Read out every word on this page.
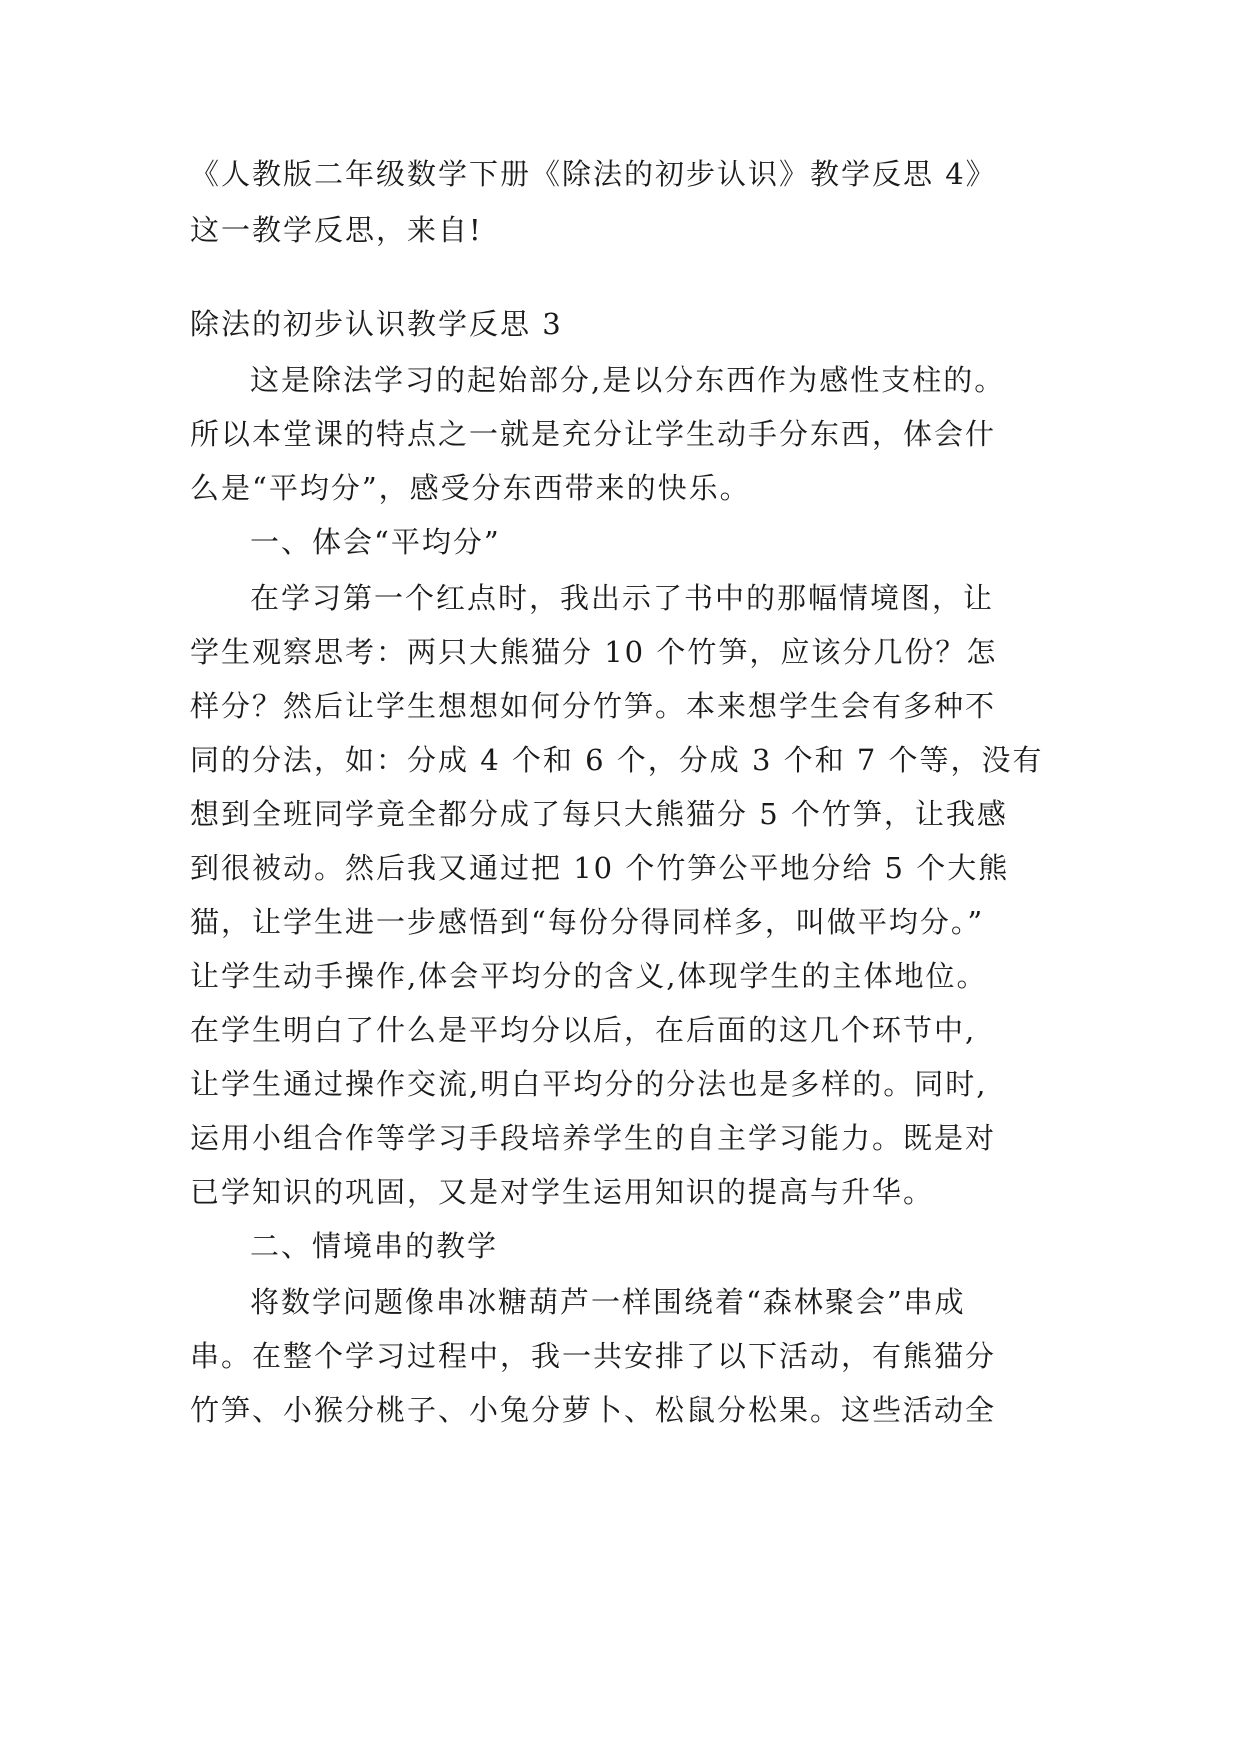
《人教版二年级数学下册《除法的初步认识》教学反思 4》

这一教学反思，来自!

除法的初步认识教学反思 3

这是除法学习的起始部分,是以分东西作为感性支柱的。

所以本堂课的特点之一就是充分让学生动手分东西，体会什

么是“平均分”，感受分东西带来的快乐。

一、体会“平均分”

在学习第一个红点时，我出示了书中的那幅情境图，让

学生观察思考：两只大熊猫分 10 个竹笋，应该分几份？怎

样分？然后让学生想想如何分竹笋。本来想学生会有多种不

同的分法，如：分成 4 个和 6 个，分成 3 个和 7 个等，没有

想到全班同学竟全都分成了每只大熊猫分 5 个竹笋，让我感

到很被动。然后我又通过把 10 个竹笋公平地分给 5 个大熊

猫，让学生进一步感悟到“每份分得同样多，叫做平均分。”

让学生动手操作,体会平均分的含义,体现学生的主体地位。

在学生明白了什么是平均分以后，在后面的这几个环节中,

让学生通过操作交流,明白平均分的分法也是多样的。同时,

运用小组合作等学习手段培养学生的自主学习能力。既是对

已学知识的巩固，又是对学生运用知识的提高与升华。

二、情境串的教学

将数学问题像串冰糖葫芦一样围绕着“森林聚会”串成

串。在整个学习过程中，我一共安排了以下活动，有熊猫分

竹笋、小猴分桃子、小兔分萝卜、松鼠分松果。这些活动全
